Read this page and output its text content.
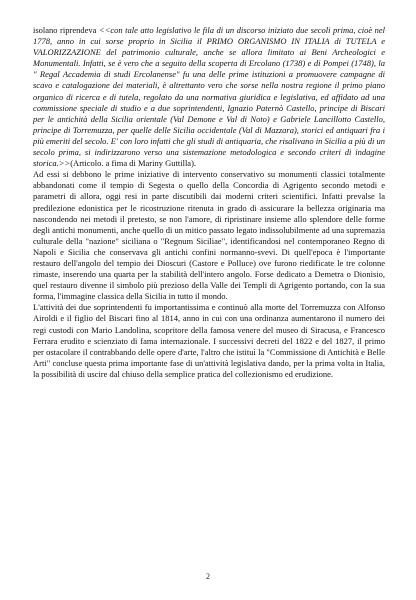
isolano riprendeva <<con tale atto legislativo le fila di un discorso iniziato due secoli prima, cioè nel 1778, anno in cui sorse proprio in Sicilia il PRIMO ORGANISMO IN ITALIA di TUTELA e VALORIZZAZIONE del patrimonio culturale, anche se allora limitato ai Beni Archeologici e Monumentali. Infatti, se è vero che a seguito della scoperta di Ercolano (1738) e di Pompei (1748), la " Regal Accademia di studi Ercolanense" fu una delle prime istituzioni a promuovere campagne di scavo e catalogazione dei materiali, è altrettanto vero che sorse nella nostra regione il primo piano organico di ricerca e di tutela, regolato da una normativa giuridica e legislativa, ed affidato ad una commissione speciale di studio e a due soprintendenti, Ignazio Paternò Castello, principe di Biscari per le antichità della Sicilia orientale (Val Demone e Val di Noto) e Gabriele Lancillotto Castello, principe di Torremuzza, per quelle delle Sicilia occidentale (Val di Mazzara), storici ed antiquari fra i più emeriti del secolo. E' con loro infatti che gli studi di antiquaria, che risalivano in Sicilia a più di un secolo prima, si indirizzarono verso una sistemazione metodologica e secondo criteri di indagine storica.>>(Articolo. a fima di Mariny Guttilla).

Ad essi si debbono le prime iniziative di intervento conservativo su monumenti classici totalmente abbandonati come il tempio di Segesta o quello della Concordia di Agrigento secondo metodi e parametri di allora, oggi resi in parte discutibili dai moderni criteri scientifici. Infatti prevalse la predilezione edonistica per le ricostruzione ritenuta in grado di assicurare la bellezza originaria ma nascondendo nei metodi il pretesto, se non l'amore, di ripristinare insieme allo splendore delle forme degli antichi monumenti, anche quello di un mitico passato legato indissolubilmente ad una supremazia culturale della "nazione" siciliana o "Regnum Siciliae", identificandosi nel contemporaneo Regno di Napoli e Sicilia che conservava gli antichi confini normanno-svevi. Di quell'epoca è l'importante restauro dell'angolo del tempio dei Dioscuri (Castore e Polluce) ove furono riedificate le tre colonne rimaste, inserendo una quarta per la stabilità dell'intero angolo. Forse dedicato a Demetra o Dionisio, quel restauro divenne il simbolo più prezioso della Valle dei Templi di Agrigento portando, con la sua forma, l'immagine classica della Sicilia in tutto il mondo.

L'attività dei due soprintendenti fu importantissima e continuò alla morte del Torremuzza con Alfonso Airoldi e il figlio del Biscari fino al 1814, anno in cui con una ordinanza aumentarono il numero dei regi custodi con Mario Landolina, scopritore della famosa venere del museo di Siracusa, e Francesco Ferrara erudito e scienziato di fama internazionale. I successivi decreti del 1822 e del 1827, il primo per ostacolare il contrabbando delle opere d'arte, l'altro che istituì la "Commissione di Antichità e Belle Arti" concluse questa prima importante fase di un'attività legislativa dando, per la prima volta in Italia, la possibilità di uscire dal chiuso della semplice pratica del collezionismo ed erudizione.

2
